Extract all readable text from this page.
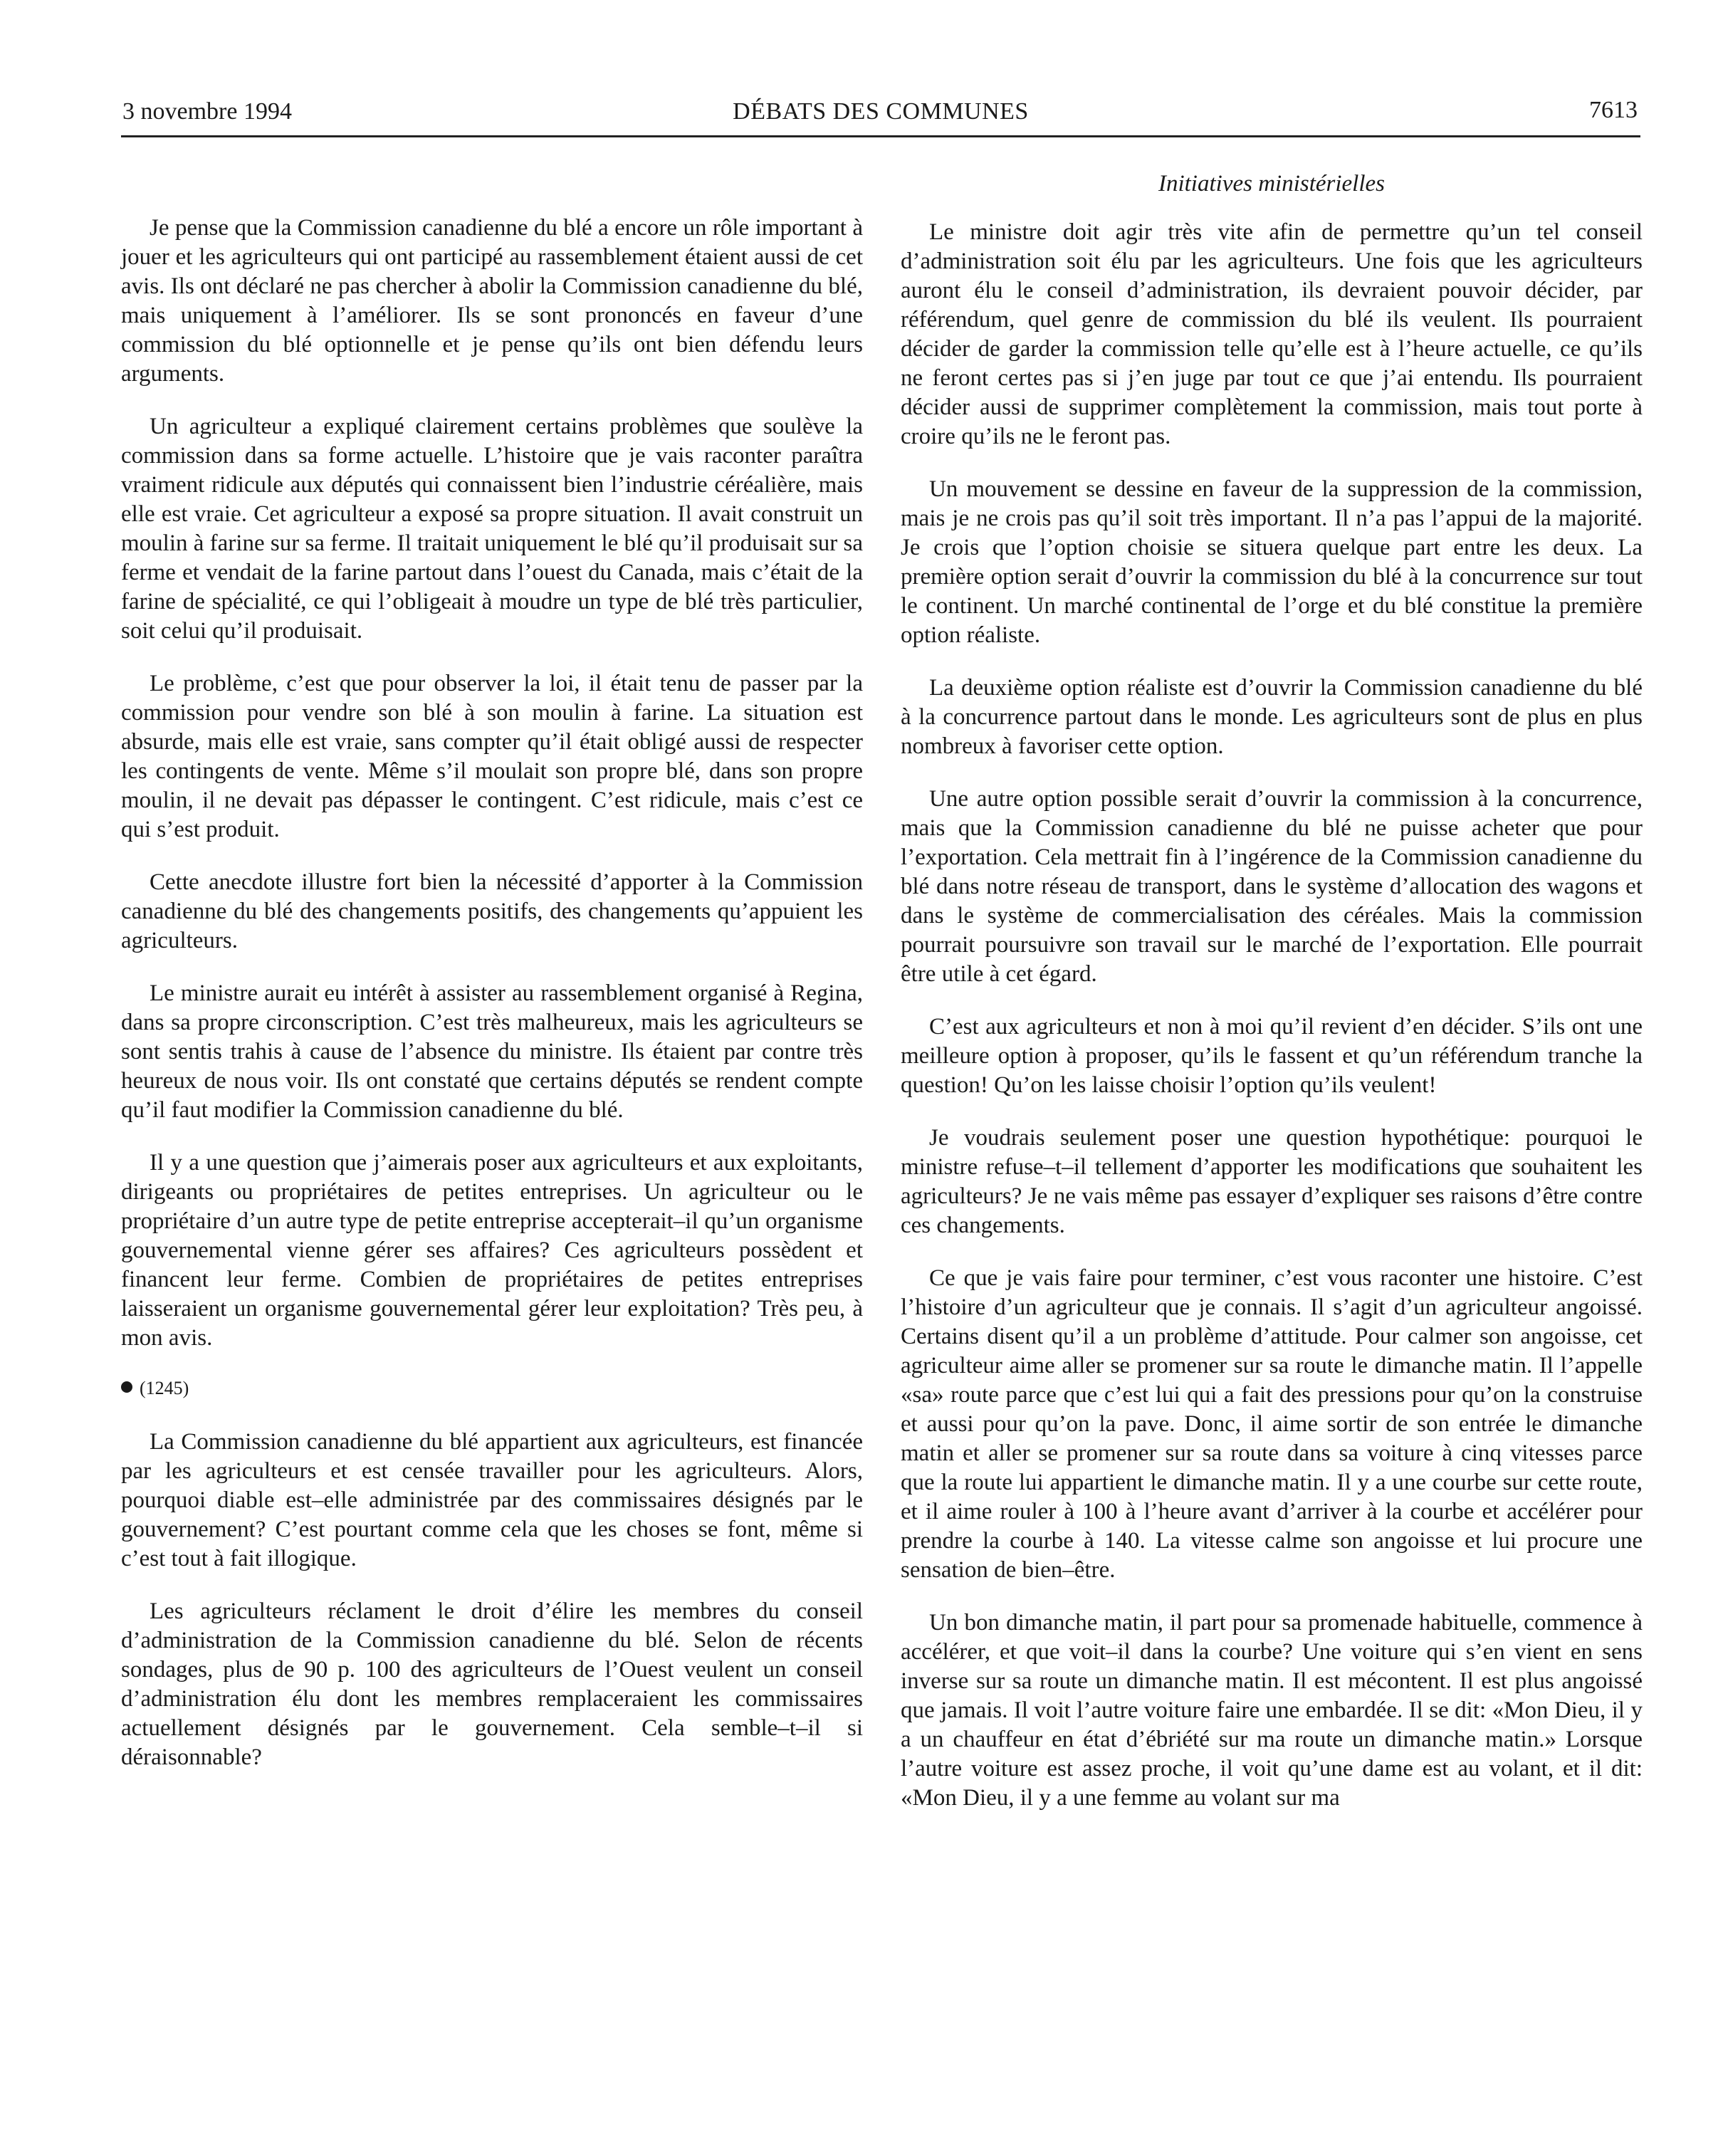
3 novembre 1994	DÉBATS DES COMMUNES	7613
Initiatives ministérielles

Je pense que la Commission canadienne du blé a encore un rôle important à jouer et les agriculteurs qui ont participé au rassemblement étaient aussi de cet avis. Ils ont déclaré ne pas chercher à abolir la Commission canadienne du blé, mais uniquement à l’améliorer. Ils se sont prononcés en faveur d’une commission du blé optionnelle et je pense qu’ils ont bien défendu leurs arguments.

Un agriculteur a expliqué clairement certains problèmes que soulève la commission dans sa forme actuelle. L’histoire que je vais raconter paraîtra vraiment ridicule aux députés qui connaissent bien l’industrie céréalière, mais elle est vraie. Cet agriculteur a exposé sa propre situation. Il avait construit un moulin à farine sur sa ferme. Il traitait uniquement le blé qu’il produisait sur sa ferme et vendait de la farine partout dans l’ouest du Canada, mais c’était de la farine de spécialité, ce qui l’obligeait à moudre un type de blé très particulier, soit celui qu’il produisait.

Le problème, c’est que pour observer la loi, il était tenu de passer par la commission pour vendre son blé à son moulin à farine. La situation est absurde, mais elle est vraie, sans compter qu’il était obligé aussi de respecter les contingents de vente. Même s’il moulait son propre blé, dans son propre moulin, il ne devait pas dépasser le contingent. C’est ridicule, mais c’est ce qui s’est produit.

Cette anecdote illustre fort bien la nécessité d’apporter à la Commission canadienne du blé des changements positifs, des changements qu’appuient les agriculteurs.

Le ministre aurait eu intérêt à assister au rassemblement organisé à Regina, dans sa propre circonscription. C’est très malheureux, mais les agriculteurs se sont sentis trahis à cause de l’absence du ministre. Ils étaient par contre très heureux de nous voir. Ils ont constaté que certains députés se rendent compte qu’il faut modifier la Commission canadienne du blé.

Il y a une question que j’aimerais poser aux agriculteurs et aux exploitants, dirigeants ou propriétaires de petites entreprises. Un agriculteur ou le propriétaire d’un autre type de petite entreprise accepterait–il qu’un organisme gouvernemental vienne gérer ses affaires? Ces agriculteurs possèdent et financent leur ferme. Combien de propriétaires de petites entreprises laisseraient un organisme gouvernemental gérer leur exploitation? Très peu, à mon avis.

(1245)

La Commission canadienne du blé appartient aux agriculteurs, est financée par les agriculteurs et est censée travailler pour les agriculteurs. Alors, pourquoi diable est–elle administrée par des commissaires désignés par le gouvernement? C’est pourtant comme cela que les choses se font, même si c’est tout à fait illogique.

Les agriculteurs réclament le droit d’élire les membres du conseil d’administration de la Commission canadienne du blé. Selon de récents sondages, plus de 90 p. 100 des agriculteurs de l’Ouest veulent un conseil d’administration élu dont les membres remplaceraient les commissaires actuellement désignés par le gouvernement. Cela semble–t–il si déraisonnable?

Le ministre doit agir très vite afin de permettre qu’un tel conseil d’administration soit élu par les agriculteurs. Une fois que les agriculteurs auront élu le conseil d’administration, ils devraient pouvoir décider, par référendum, quel genre de commission du blé ils veulent. Ils pourraient décider de garder la commission telle qu’elle est à l’heure actuelle, ce qu’ils ne feront certes pas si j’en juge par tout ce que j’ai entendu. Ils pourraient décider aussi de supprimer complètement la commission, mais tout porte à croire qu’ils ne le feront pas.

Un mouvement se dessine en faveur de la suppression de la commission, mais je ne crois pas qu’il soit très important. Il n’a pas l’appui de la majorité. Je crois que l’option choisie se situera quelque part entre les deux. La première option serait d’ouvrir la commission du blé à la concurrence sur tout le continent. Un marché continental de l’orge et du blé constitue la première option réaliste.

La deuxième option réaliste est d’ouvrir la Commission canadienne du blé à la concurrence partout dans le monde. Les agriculteurs sont de plus en plus nombreux à favoriser cette option.

Une autre option possible serait d’ouvrir la commission à la concurrence, mais que la Commission canadienne du blé ne puisse acheter que pour l’exportation. Cela mettrait fin à l’ingérence de la Commission canadienne du blé dans notre réseau de transport, dans le système d’allocation des wagons et dans le système de commercialisation des céréales. Mais la commission pourrait poursuivre son travail sur le marché de l’exportation. Elle pourrait être utile à cet égard.

C’est aux agriculteurs et non à moi qu’il revient d’en décider. S’ils ont une meilleure option à proposer, qu’ils le fassent et qu’un référendum tranche la question! Qu’on les laisse choisir l’option qu’ils veulent!

Je voudrais seulement poser une question hypothétique: pourquoi le ministre refuse–t–il tellement d’apporter les modifications que souhaitent les agriculteurs? Je ne vais même pas essayer d’expliquer ses raisons d’être contre ces changements.

Ce que je vais faire pour terminer, c’est vous raconter une histoire. C’est l’histoire d’un agriculteur que je connais. Il s’agit d’un agriculteur angoissé. Certains disent qu’il a un problème d’attitude. Pour calmer son angoisse, cet agriculteur aime aller se promener sur sa route le dimanche matin. Il l’appelle «sa» route parce que c’est lui qui a fait des pressions pour qu’on la construise et aussi pour qu’on la pave. Donc, il aime sortir de son entrée le dimanche matin et aller se promener sur sa route dans sa voiture à cinq vitesses parce que la route lui appartient le dimanche matin. Il y a une courbe sur cette route, et il aime rouler à 100 à l’heure avant d’arriver à la courbe et accélérer pour prendre la courbe à 140. La vitesse calme son angoisse et lui procure une sensation de bien–être.

Un bon dimanche matin, il part pour sa promenade habituelle, commence à accélérer, et que voit–il dans la courbe? Une voiture qui s’en vient en sens inverse sur sa route un dimanche matin. Il est mécontent. Il est plus angoissé que jamais. Il voit l’autre voiture faire une embardée. Il se dit: «Mon Dieu, il y a un chauffeur en état d’ébriété sur ma route un dimanche matin.» Lorsque l’autre voiture est assez proche, il voit qu’une dame est au volant, et il dit: «Mon Dieu, il y a une femme au volant sur ma
